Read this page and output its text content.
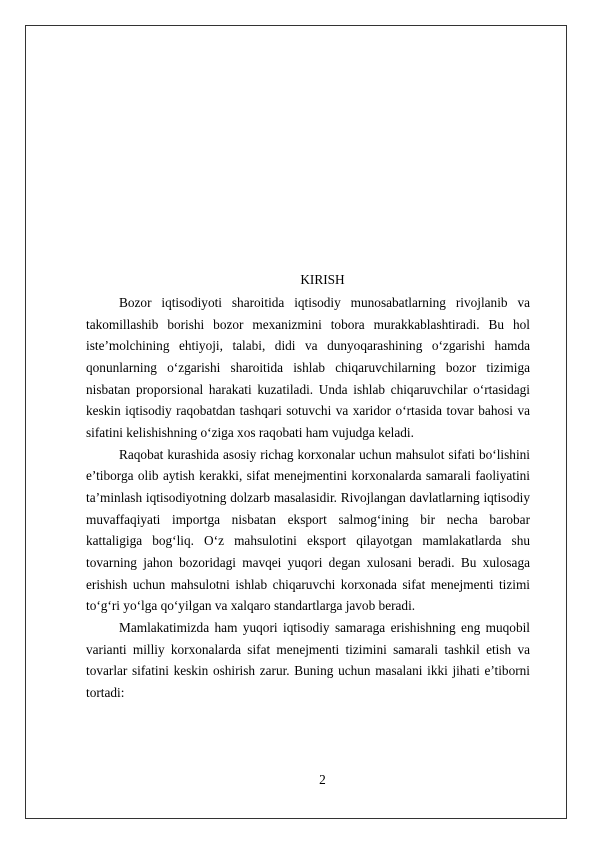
KIRISH

Bozor iqtisodiyoti sharoitida iqtisodiy munosabatlarning rivojlanib va takomillashib borishi bozor mexanizmini tobora murakkablashtiradi. Bu hol iste’molchining ehtiyoji, talabi, didi va dunyoqarashining o‘zgarishi hamda qonunlarning o‘zgarishi sharoitida ishlab chiqaruvchilarning bozor tizimiga nisbatan proporsional harakati kuzatiladi. Unda ishlab chiqaruvchilar o‘rtasidagi keskin iqtisodiy raqobatdan tashqari sotuvchi va xaridor o‘rtasida tovar bahosi va sifatini kelishishning o‘ziga xos raqobati ham vujudga keladi.

Raqobat kurashida asosiy richag korxonalar uchun mahsulot sifati bo‘lishini e’tiborga olib aytish kerakki, sifat menejmentini korxonalarda samarali faoliyatini ta’minlash iqtisodiyotning dolzarb masalasidir. Rivojlangan davlatlarning iqtisodiy muvaffaqiyati importga nisbatan eksport salmog‘ining bir necha barobar kattaligiga bog‘liq. O‘z mahsulotini eksport qilayotgan mamlakatlarda shu tovarning jahon bozoridagi mavqei yuqori degan xulosani beradi. Bu xulosaga erishish uchun mahsulotni ishlab chiqaruvchi korxonada sifat menejmenti tizimi to‘g‘ri yo‘lga qo‘yilgan va xalqaro standartlarga javob beradi.

Mamlakatimizda ham yuqori iqtisodiy samaraga erishishning eng muqobil varianti milliy korxonalarda sifat menejmenti tizimini samarali tashkil etish va tovarlar sifatini keskin oshirish zarur. Buning uchun masalani ikki jihati e’tiborni tortadi:

2
